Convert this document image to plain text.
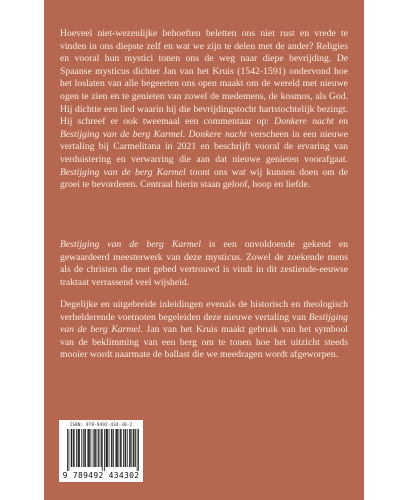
Hoeveel niet-wezenlijke behoeften beletten ons niet rust en vrede te vinden in ons diepste zelf en wat we zijn te delen met de ander? Religies en vooral hun mystici tonen ons de weg naar diepe bevrijding. De Spaanse mysticus dichter Jan van het Kruis (1542-1591) ondervond hoe het loslaten van alle begeerten ons open maakt om de wereld met nieuwe ogen te zien en te genieten van zowel de medemens, de kosmos, als God. Hij dichtte een lied waarin hij die bevrijdingstocht hartstochtelijk bezingt. Hij schreef er ook tweemaal een commentaar op: Donkere nacht en Bestijging van de berg Karmel. Donkere nacht verscheen in een nieuwe vertaling bij Carmelitana in 2021 en beschrijft vooral de ervaring van verduistering en verwarring die aan dat nieuwe genieten voorafgaat. Bestijging van de berg Karmel toont ons wat wij kunnen doen om de groei te bevorderen. Centraal hierin staan geloof, hoop en liefde.

Bestijging van de berg Karmel is een onvoldoende gekend en gewaardeerd meesterwerk van deze mysticus. Zowel de zoekende mens als de christen die met gebed vertrouwd is vindt in dit zestiende-eeuwse traktaat verrassend veel wijsheid.

Degelijke en uitgebreide inleidingen evenals de historisch en theologisch verhelderende voetnoten begeleiden deze nieuwe vertaling van Bestijging van de berg Karmel. Jan van het Kruis maakt gebruik van het symbool van de beklimming van een berg om te tonen hoe het uitzicht steeds mooier wordt naarmate de ballast die we meedragen wordt afgeworpen.

ISBN: 978-9492-434-30-2
9 789492 434302
